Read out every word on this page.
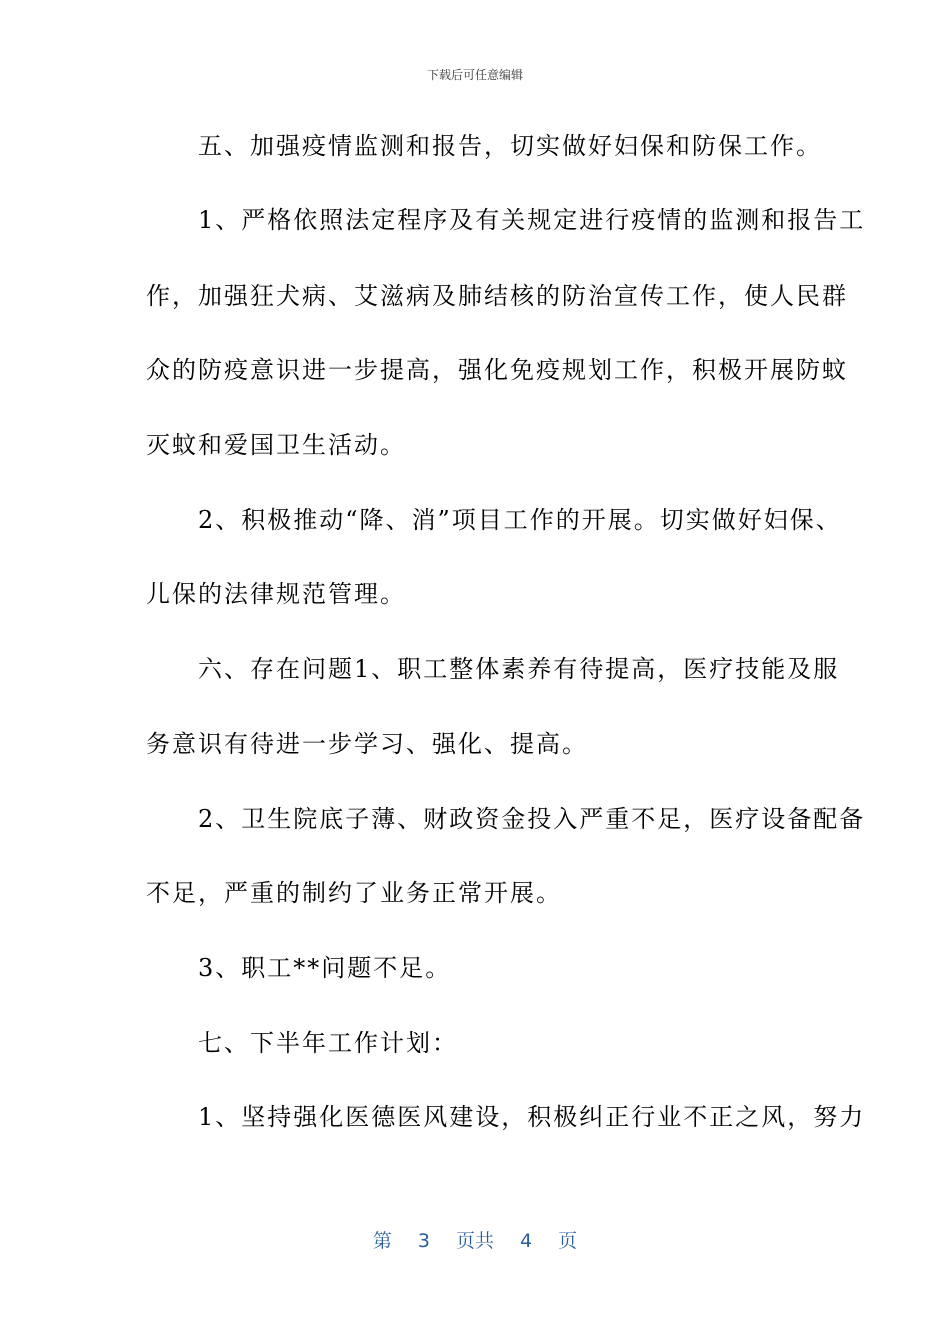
下载后可任意编辑
　　五、加强疫情监测和报告，切实做好妇保和防保工作。
　　1、严格依照法定程序及有关规定进行疫情的监测和报告工
作，加强狂犬病、艾滋病及肺结核的防治宣传工作，使人民群
众的防疫意识进一步提高，强化免疫规划工作，积极开展防蚊
灭蚊和爱国卫生活动。
　　2、积极推动“降、消”项目工作的开展。切实做好妇保、
儿保的法律规范管理。
　　六、存在问题1、职工整体素养有待提高，医疗技能及服
务意识有待进一步学习、强化、提高。
　　2、卫生院底子薄、财政资金投入严重不足，医疗设备配备
不足，严重的制约了业务正常开展。
　　3、职工**问题不足。
　　七、下半年工作计划：
　　1、坚持强化医德医风建设，积极纠正行业不正之风，努力
第 3 页共 4 页
